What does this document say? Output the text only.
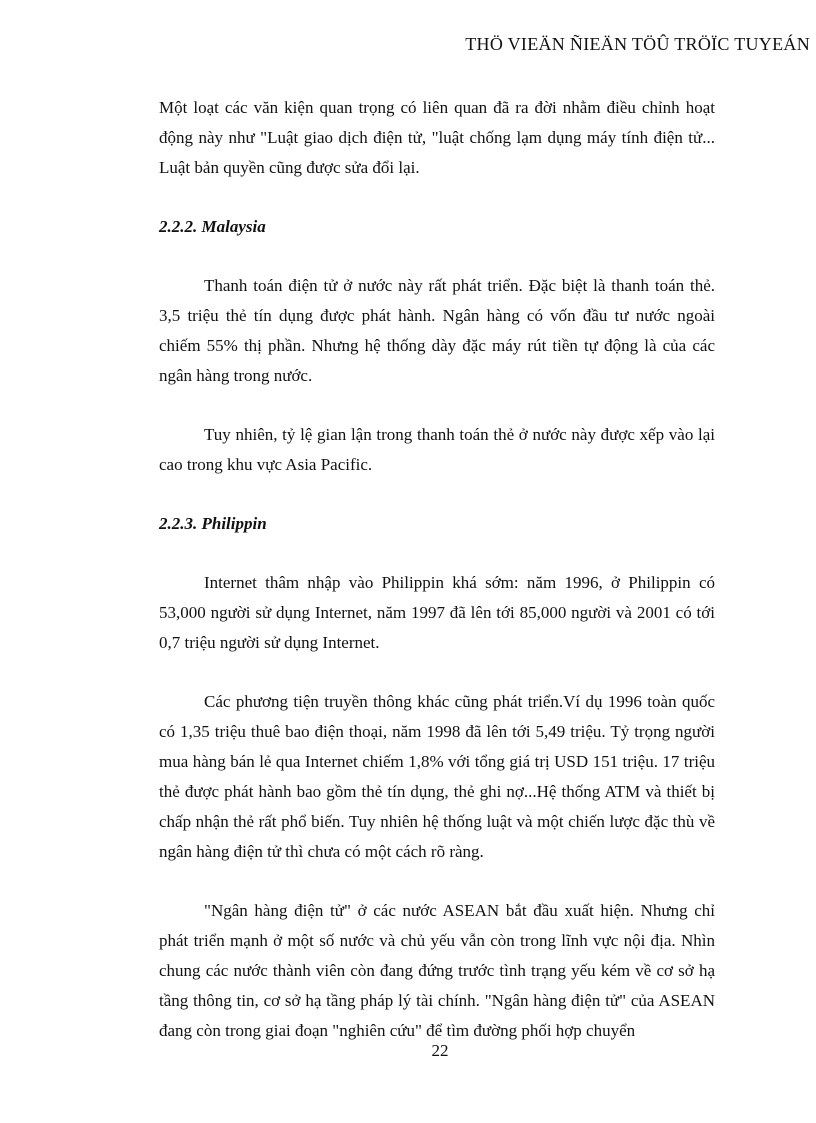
THÖ VIEÄN ÑIEÄN TÖÛ TRÖÏC TUYEÁN

Một loạt các văn kiện quan trọng có liên quan đã ra đời nhằm điều chỉnh hoạt động này như "Luật giao dịch điện tử, "luật chống lạm dụng máy tính điện tử... Luật bản quyền cũng được sửa đổi lại.

2.2.2. Malaysia

Thanh toán điện tử ở nước này rất phát triển. Đặc biệt là thanh toán thẻ. 3,5 triệu thẻ tín dụng được phát hành. Ngân hàng có vốn đầu tư nước ngoài chiếm 55% thị phần. Nhưng hệ thống dày đặc máy rút tiền tự động là của các ngân hàng trong nước.

Tuy nhiên, tỷ lệ gian lận trong thanh toán thẻ ở nước này được xếp vào lại cao trong khu vực Asia Pacific.

2.2.3. Philippin

Internet thâm nhập vào Philippin khá sớm: năm 1996, ở Philippin có 53,000 người sử dụng Internet, năm 1997 đã lên tới 85,000 người và 2001 có tới 0,7 triệu người sử dụng Internet.

Các phương tiện truyền thông khác cũng phát triển.Ví dụ 1996 toàn quốc có 1,35 triệu thuê bao điện thoại, năm 1998 đã lên tới 5,49 triệu. Tỷ trọng người mua hàng bán lẻ qua Internet chiếm 1,8% với tổng giá trị USD 151 triệu. 17 triệu thẻ được phát hành bao gồm thẻ tín dụng, thẻ ghi nợ...Hệ thống ATM và thiết bị chấp nhận thẻ rất phổ biến. Tuy nhiên hệ thống luật và một chiến lược đặc thù về ngân hàng điện tử thì chưa có một cách rõ ràng.

"Ngân hàng điện tử" ở các nước ASEAN bắt đầu xuất hiện. Nhưng chỉ phát triển mạnh ở một số nước và chủ yếu vẫn còn trong lĩnh vực nội địa. Nhìn chung các nước thành viên còn đang đứng trước tình trạng yếu kém về cơ sở hạ tầng thông tin, cơ sở hạ tầng pháp lý tài chính. "Ngân hàng điện tử" của ASEAN đang còn trong giai đoạn "nghiên cứu" để tìm đường phối hợp chuyển

22
